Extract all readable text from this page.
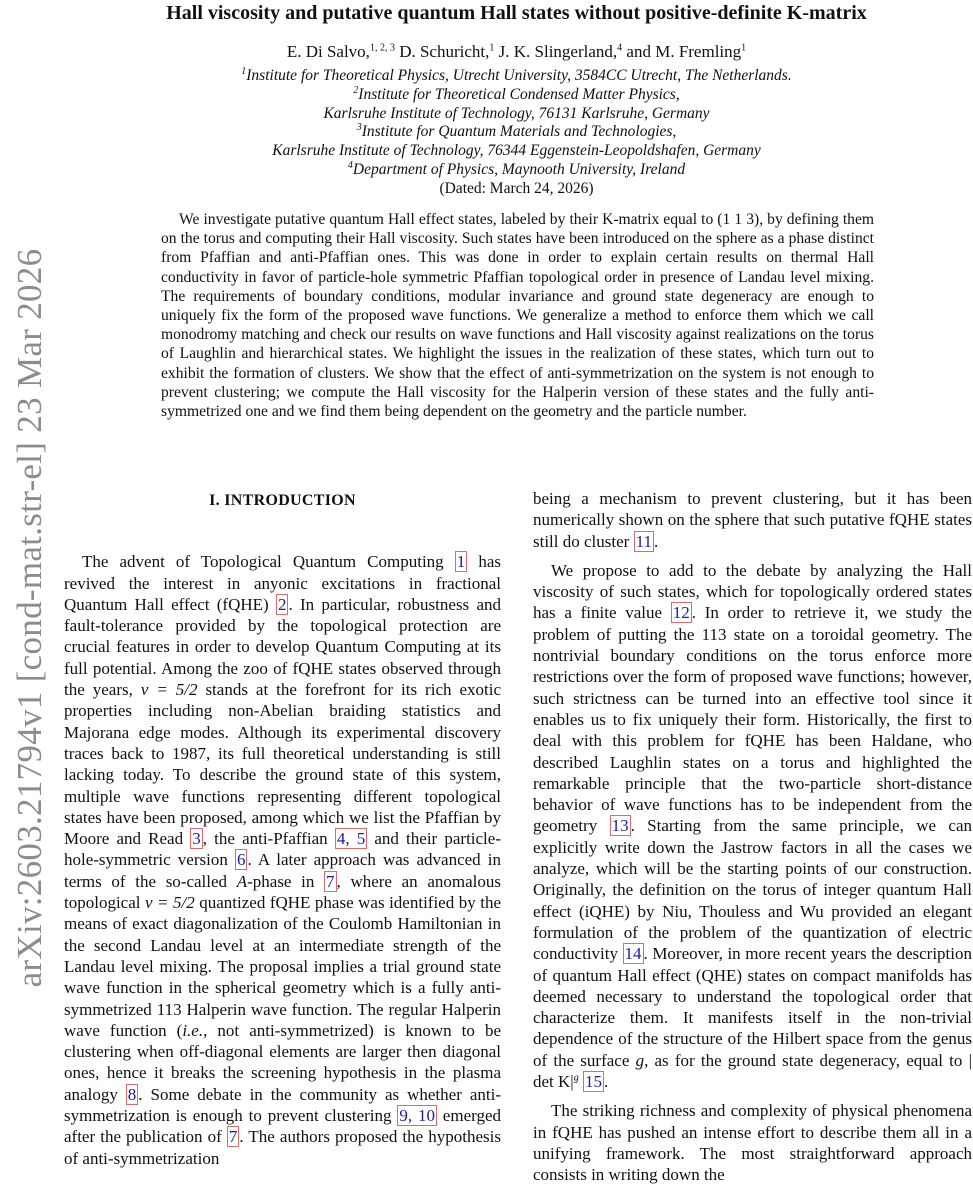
arXiv:2603.21794v1 [cond-mat.str-el] 23 Mar 2026
Hall viscosity and putative quantum Hall states without positive-definite K-matrix
E. Di Salvo,$^{1, 2, 3}$ D. Schuricht,$^1$ J. K. Slingerland,$^4$ and M. Fremling$^1$
$^1$Institute for Theoretical Physics, Utrecht University, 3584CC Utrecht, The Netherlands.
$^2$Institute for Theoretical Condensed Matter Physics,
Karlsruhe Institute of Technology, 76131 Karlsruhe, Germany
$^3$Institute for Quantum Materials and Technologies,
Karlsruhe Institute of Technology, 76344 Eggenstein-Leopoldshafen, Germany
$^4$Department of Physics, Maynooth University, Ireland
(Dated: March 24, 2026)
We investigate putative quantum Hall effect states, labeled by their K-matrix equal to (1 1 3), by defining them on the torus and computing their Hall viscosity. Such states have been introduced on the sphere as a phase distinct from Pfaffian and anti-Pfaffian ones. This was done in order to explain certain results on thermal Hall conductivity in favor of particle-hole symmetric Pfaffian topological order in presence of Landau level mixing. The requirements of boundary conditions, modular invariance and ground state degeneracy are enough to uniquely fix the form of the proposed wave functions. We generalize a method to enforce them which we call monodromy matching and check our results on wave functions and Hall viscosity against realizations on the torus of Laughlin and hierarchical states. We highlight the issues in the realization of these states, which turn out to exhibit the formation of clusters. We show that the effect of anti-symmetrization on the system is not enough to prevent clustering; we compute the Hall viscosity for the Halperin version of these states and the fully anti-symmetrized one and we find them being dependent on the geometry and the particle number.
I. INTRODUCTION

The advent of Topological Quantum Computing 1 has revived the interest in anyonic excitations in fractional Quantum Hall effect (fQHE) 2 . In particular, robustness and fault-tolerance provided by the topological protection are crucial features in order to develop Quantum Computing at its full potential. Among the zoo of fQHE states observed through the years, ν = 5/2 stands at the forefront for its rich exotic properties including non-Abelian braiding statistics and Majorana edge modes. Although its experimental discovery traces back to 1987, its full theoretical understanding is still lacking today. To describe the ground state of this system, multiple wave functions representing different topological states have been proposed, among which we list the Pfaffian by Moore and Read 3 , the anti-Pfaffian 4, 5 and their particle-hole-symmetric version 6 . A later approach was advanced in terms of the so-called A-phase in 7 , where an anomalous topological ν = 5/2 quantized fQHE phase was identified by the means of exact diagonalization of the Coulomb Hamiltonian in the second Landau level at an intermediate strength of the Landau level mixing. The proposal implies a trial ground state wave function in the spherical geometry which is a fully anti-symmetrized 113 Halperin wave function. The regular Halperin wave function (i.e., not anti-symmetrized) is known to be clustering when off-diagonal elements are larger then diagonal ones, hence it breaks the screening hypothesis in the plasma analogy 8 . Some debate in the community as whether anti-symmetrization is enough to prevent clustering 9, 10 emerged after the publication of 7 . The authors proposed the hypothesis of anti-symmetrization

being a mechanism to prevent clustering, but it has been numerically shown on the sphere that such putative fQHE states still do cluster 11 .

We propose to add to the debate by analyzing the Hall viscosity of such states, which for topologically ordered states has a finite value 12 . In order to retrieve it, we study the problem of putting the 113 state on a toroidal geometry. The nontrivial boundary conditions on the torus enforce more restrictions over the form of proposed wave functions; however, such strictness can be turned into an effective tool since it enables us to fix uniquely their form. Historically, the first to deal with this problem for fQHE has been Haldane, who described Laughlin states on a torus and highlighted the remarkable principle that the two-particle short-distance behavior of wave functions has to be independent from the geometry 13 . Starting from the same principle, we can explicitly write down the Jastrow factors in all the cases we analyze, which will be the starting points of our construction. Originally, the definition on the torus of integer quantum Hall effect (iQHE) by Niu, Thouless and Wu provided an elegant formulation of the problem of the quantization of electric conductivity 14 . Moreover, in more recent years the description of quantum Hall effect (QHE) states on compact manifolds has deemed necessary to understand the topological order that characterize them. It manifests itself in the non-trivial dependence of the structure of the Hilbert space from the genus of the surface g, as for the ground state degeneracy, equal to | $\det K|^g$ 15 .

The striking richness and complexity of physical phenomena in fQHE has pushed an intense effort to describe them all in a unifying framework. The most straightforward approach consists in writing down the
